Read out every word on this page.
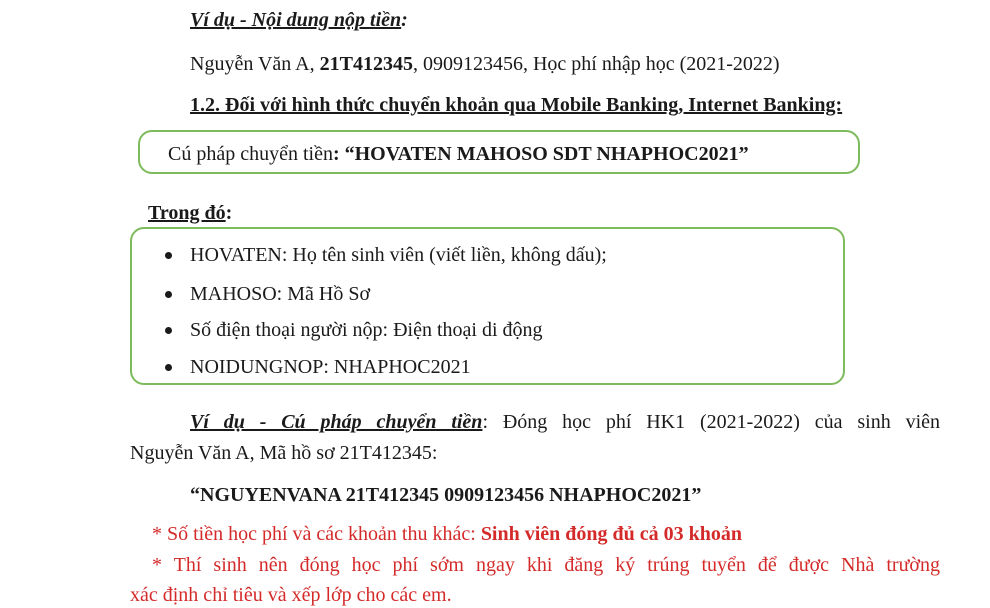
Ví dụ - Nội dung nộp tiền:
Nguyễn Văn A, 21T412345, 0909123456, Học phí nhập học (2021-2022)
1.2. Đối với hình thức chuyển khoản qua Mobile Banking, Internet Banking:
Cú pháp chuyển tiền: “HOVATEN MAHOSO SDT NHAPHOC2021”
Trong đó:
HOVATEN: Họ tên sinh viên (viết liền, không dấu);
MAHOSO: Mã Hồ Sơ
Số điện thoại người nộp: Điện thoại di động
NOIDUNGNOP: NHAPHOC2021
Ví dụ - Cú pháp chuyển tiền: Đóng học phí HK1 (2021-2022) của sinh viên
Nguyễn Văn A, Mã hồ sơ 21T412345:
“NGUYENVANA 21T412345 0909123456 NHAPHOC2021”
* Số tiền học phí và các khoản thu khác: Sinh viên đóng đủ cả 03 khoản
* Thí sinh nên đóng học phí sớm ngay khi đăng ký trúng tuyển để được Nhà trường
xác định chỉ tiêu và xếp lớp cho các em.
